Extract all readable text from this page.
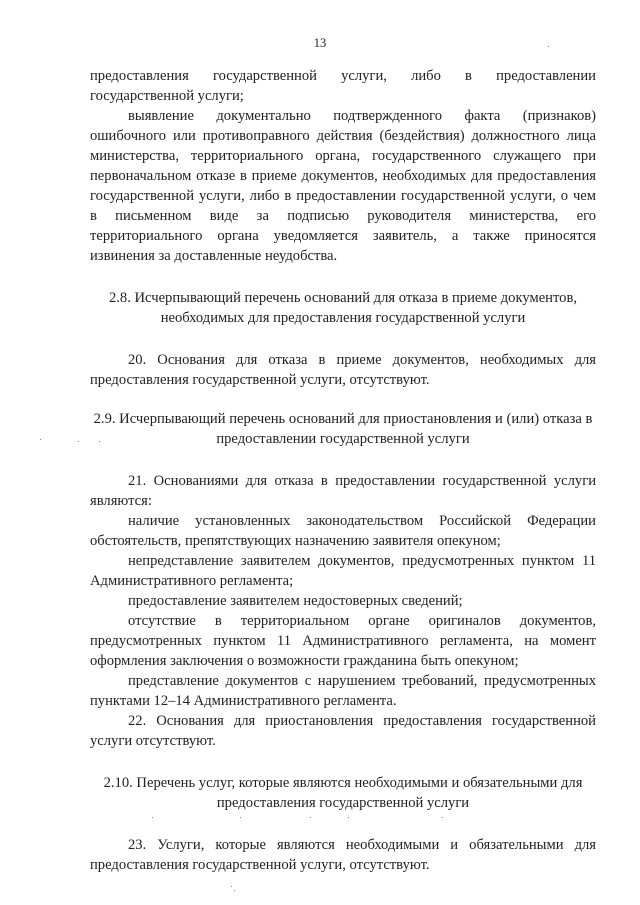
13

предоставления государственной услуги, либо в предоставлении государственной услуги;

выявление документально подтвержденного факта (признаков) ошибочного или противоправного действия (бездействия) должностного лица министерства, территориального органа, государственного служащего при первоначальном отказе в приеме документов, необходимых для предоставления государственной услуги, либо в предоставлении государственной услуги, о чем в письменном виде за подписью руководителя министерства, его территориального органа уведомляется заявитель, а также приносятся извинения за доставленные неудобства.

2.8. Исчерпывающий перечень оснований для отказа в приеме документов, необходимых для предоставления государственной услуги

20. Основания для отказа в приеме документов, необходимых для предоставления государственной услуги, отсутствуют.

2.9. Исчерпывающий перечень оснований для приостановления и (или) отказа в предоставлении государственной услуги

21. Основаниями для отказа в предоставлении государственной услуги являются:

наличие установленных законодательством Российской Федерации обстоятельств, препятствующих назначению заявителя опекуном;

непредставление заявителем документов, предусмотренных пунктом 11 Административного регламента;

предоставление заявителем недостоверных сведений;

отсутствие в территориальном органе оригиналов документов, предусмотренных пунктом 11 Административного регламента, на момент оформления заключения о возможности гражданина быть опекуном;

представление документов с нарушением требований, предусмотренных пунктами 12–14 Административного регламента.

22. Основания для приостановления предоставления государственной услуги отсутствуют.

2.10. Перечень услуг, которые являются необходимыми и обязательными для предоставления государственной услуги

23. Услуги, которые являются необходимыми и обязательными для предоставления государственной услуги, отсутствуют.
